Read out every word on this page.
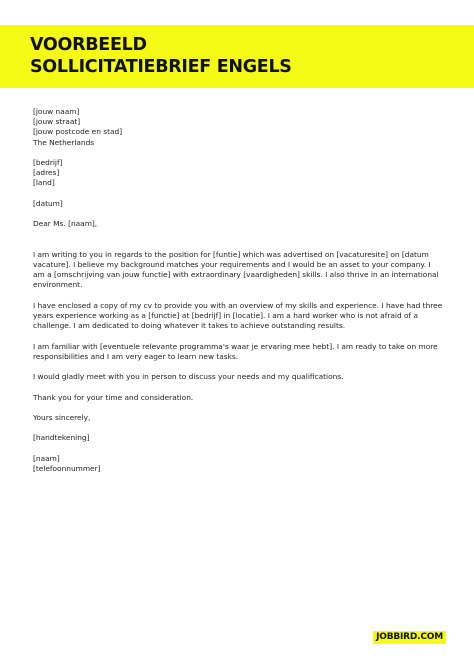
VOORBEELD
SOLLICITATIEBRIEF ENGELS
[jouw naam]
[jouw straat]
[jouw postcode en stad]
The Netherlands
[bedrijf]
[adres]
[land]
[datum]
Dear Ms. [naam],

I am writing to you in regards to the position for [funtie] which was advertised on [vacaturesite] on [datum
vacature]. I believe my background matches your requirements and I would be an asset to your company. I
am a [omschrijving van jouw functie] with extraordinary [vaardigheden] skills. I also thrive in an international
environment.

I have enclosed a copy of my cv to provide you with an overview of my skills and experience. I have had three
years experience working as a [functie] at [bedrijf] in [locatie]. I am a hard worker who is not afraid of a
challenge. I am dedicated to doing whatever it takes to achieve outstanding results.

I am familiar with [eventuele relevante programma's waar je ervaring mee hebt]. I am ready to take on more
responsibilities and I am very eager to learn new tasks.

I would gladly meet with you in person to discuss your needs and my qualifications.

Thank you for your time and consideration.

Yours sincerely,
[handtekening]
[naam]
[telefoonnummer]
JOBBIRD.COM
